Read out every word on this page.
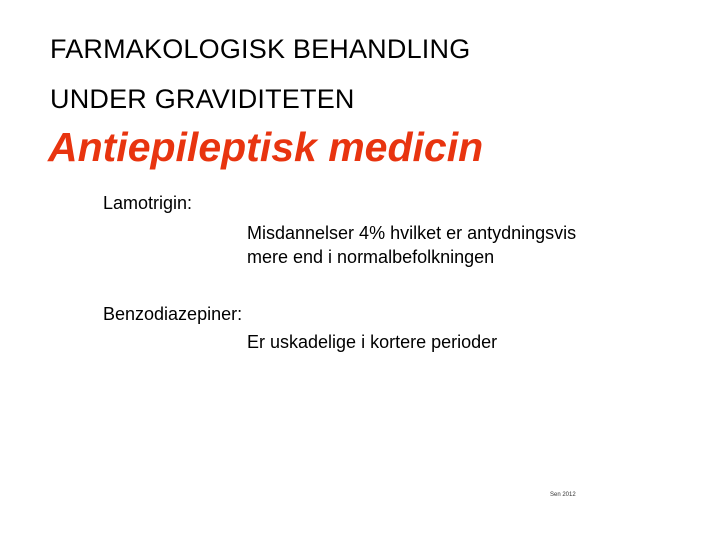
FARMAKOLOGISK BEHANDLING
UNDER GRAVIDITETEN
Antiepileptisk medicin
Lamotrigin:
Misdannelser 4% hvilket er antydningsvis
mere end i normalbefolkningen
Benzodiazepiner:
Er uskadelige i kortere perioder
Sen 2012
